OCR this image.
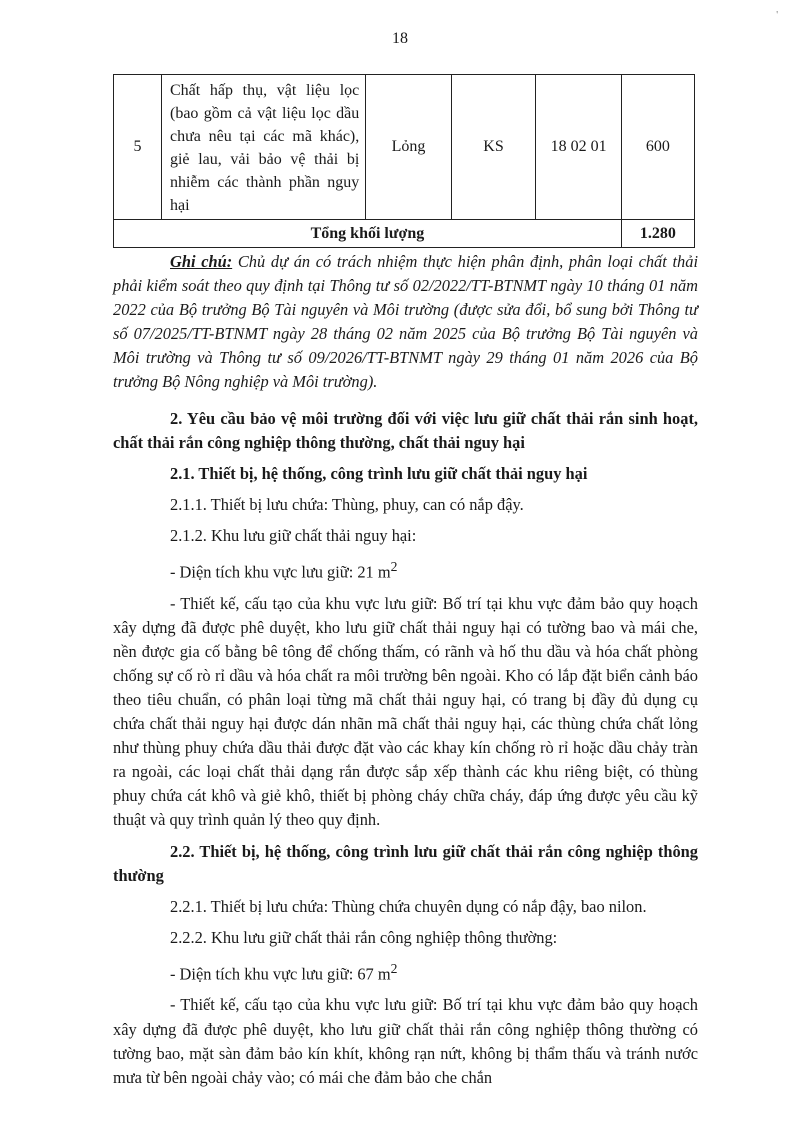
18
'
5	Chất hấp thụ, vật liệu lọc (bao gồm cả vật liệu lọc dầu chưa nêu tại các mã khác), giẻ lau, vải bảo vệ thải bị nhiễm các thành phần nguy hại	Lỏng	KS	18 02 01	600
Tổng khối lượng					1.280

Ghi chú: Chủ dự án có trách nhiệm thực hiện phân định, phân loại chất thải phải kiểm soát theo quy định tại Thông tư số 02/2022/TT-BTNMT ngày 10 tháng 01 năm 2022 của Bộ trưởng Bộ Tài nguyên và Môi trường (được sửa đổi, bổ sung bởi Thông tư số 07/2025/TT-BTNMT ngày 28 tháng 02 năm 2025 của Bộ trưởng Bộ Tài nguyên và Môi trường và Thông tư số 09/2026/TT-BTNMT ngày 29 tháng 01 năm 2026 của Bộ trưởng Bộ Nông nghiệp và Môi trường).

2. Yêu cầu bảo vệ môi trường đối với việc lưu giữ chất thải rắn sinh hoạt, chất thải rắn công nghiệp thông thường, chất thải nguy hại

2.1. Thiết bị, hệ thống, công trình lưu giữ chất thải nguy hại

2.1.1. Thiết bị lưu chứa: Thùng, phuy, can có nắp đậy.

2.1.2. Khu lưu giữ chất thải nguy hại:

- Diện tích khu vực lưu giữ: 21 $m^2$

- Thiết kế, cấu tạo của khu vực lưu giữ: Bố trí tại khu vực đảm bảo quy hoạch xây dựng đã được phê duyệt, kho lưu giữ chất thải nguy hại có tường bao và mái che, nền được gia cố bằng bê tông để chống thấm, có rãnh và hố thu dầu và hóa chất phòng chống sự cố rò rỉ dầu và hóa chất ra môi trường bên ngoài. Kho có lắp đặt biển cảnh báo theo tiêu chuẩn, có phân loại từng mã chất thải nguy hại, có trang bị đầy đủ dụng cụ chứa chất thải nguy hại được dán nhãn mã chất thải nguy hại, các thùng chứa chất lỏng như thùng phuy chứa dầu thải được đặt vào các khay kín chống rò rỉ hoặc dầu chảy tràn ra ngoài, các loại chất thải dạng rắn được sắp xếp thành các khu riêng biệt, có thùng phuy chứa cát khô và giẻ khô, thiết bị phòng cháy chữa cháy, đáp ứng được yêu cầu kỹ thuật và quy trình quản lý theo quy định.

2.2. Thiết bị, hệ thống, công trình lưu giữ chất thải rắn công nghiệp thông thường

2.2.1. Thiết bị lưu chứa: Thùng chứa chuyên dụng có nắp đậy, bao nilon.

2.2.2. Khu lưu giữ chất thải rắn công nghiệp thông thường:

- Diện tích khu vực lưu giữ: 67 $m^2$

- Thiết kế, cấu tạo của khu vực lưu giữ: Bố trí tại khu vực đảm bảo quy hoạch xây dựng đã được phê duyệt, kho lưu giữ chất thải rắn công nghiệp thông thường có tường bao, mặt sàn đảm bảo kín khít, không rạn nứt, không bị thẩm thấu và tránh nước mưa từ bên ngoài chảy vào; có mái che đảm bảo che chắn
